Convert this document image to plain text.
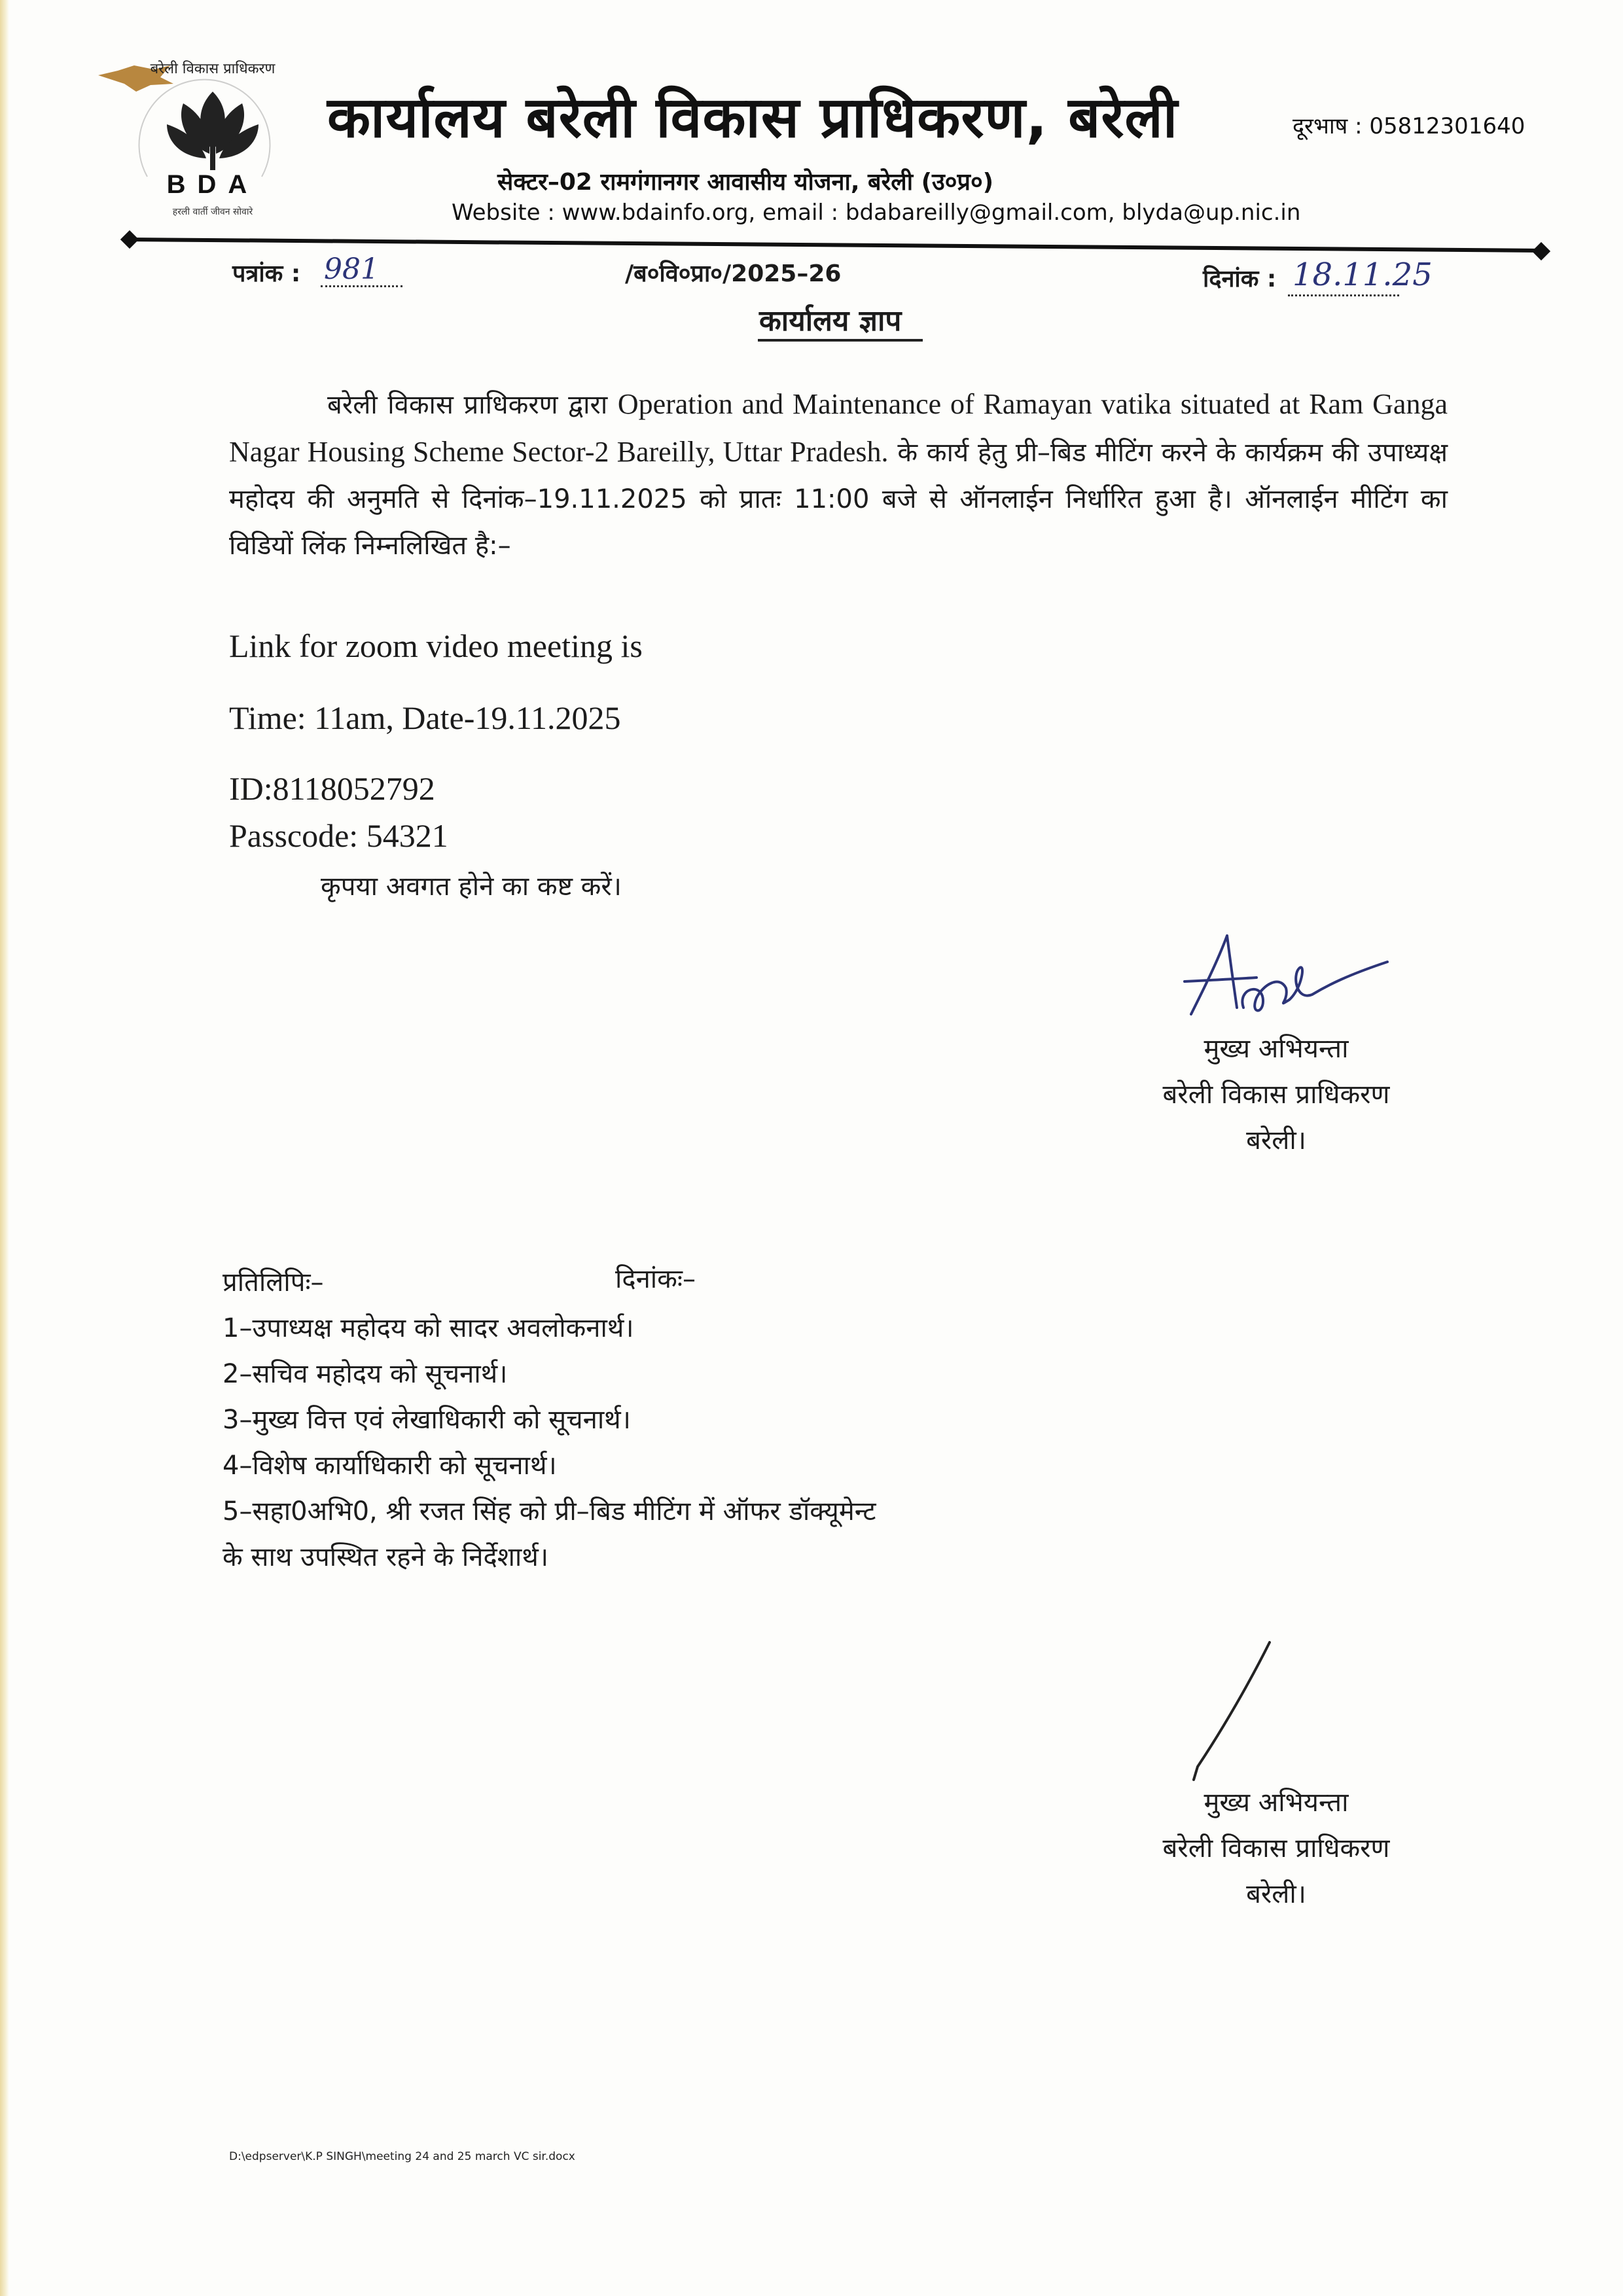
बरेली विकास प्राधिकरण
BDA
हरली वार्ती जीवन सोवारे
कार्यालय बरेली विकास प्राधिकरण, बरेली	दूरभाष : 05812301640
सेक्टर–02 रामगंगानगर आवासीय योजना, बरेली (उ०प्र०)
Website : www.bdainfo.org, email : bdabareilly@gmail.com, blyda@up.nic.in
पत्रांक : 981	/ब०वि०प्रा०/2025–26	दिनांक : 18.11.25
कार्यालय ज्ञाप
बरेली विकास प्राधिकरण द्वारा Operation and Maintenance of Ramayan vatika situated at Ram Ganga Nagar Housing Scheme Sector-2 Bareilly, Uttar Pradesh. के कार्य हेतु प्री–बिड मीटिंग करने के कार्यक्रम की उपाध्यक्ष महोदय की अनुमति से दिनांक–19.11.2025 को प्रातः 11:00 बजे से ऑनलाईन निर्धारित हुआ है। ऑनलाईन मीटिंग का विडियों लिंक निम्नलिखित है:–
Link for zoom video meeting is
Time: 11am, Date-19.11.2025
ID:8118052792
Passcode: 54321
कृपया अवगत होने का कष्ट करें।
मुख्य अभियन्ता
बरेली विकास प्राधिकरण
बरेली।
प्रतिलिपिः–
1–उपाध्यक्ष महोदय को सादर अवलोकनार्थ।
2–सचिव महोदय को सूचनार्थ।
3–मुख्य वित्त एवं लेखाधिकारी को सूचनार्थ।
4–विशेष कार्याधिकारी को सूचनार्थ।
5–सहा0अभि0, श्री रजत सिंह को प्री–बिड मीटिंग में ऑफर डॉक्यूमेन्ट
के साथ उपस्थित रहने के निर्देशार्थ।
दिनांकः–
मुख्य अभियन्ता
बरेली विकास प्राधिकरण
बरेली।
D:\edpserver\K.P SINGH\meeting 24 and 25 march VC sir.docx
